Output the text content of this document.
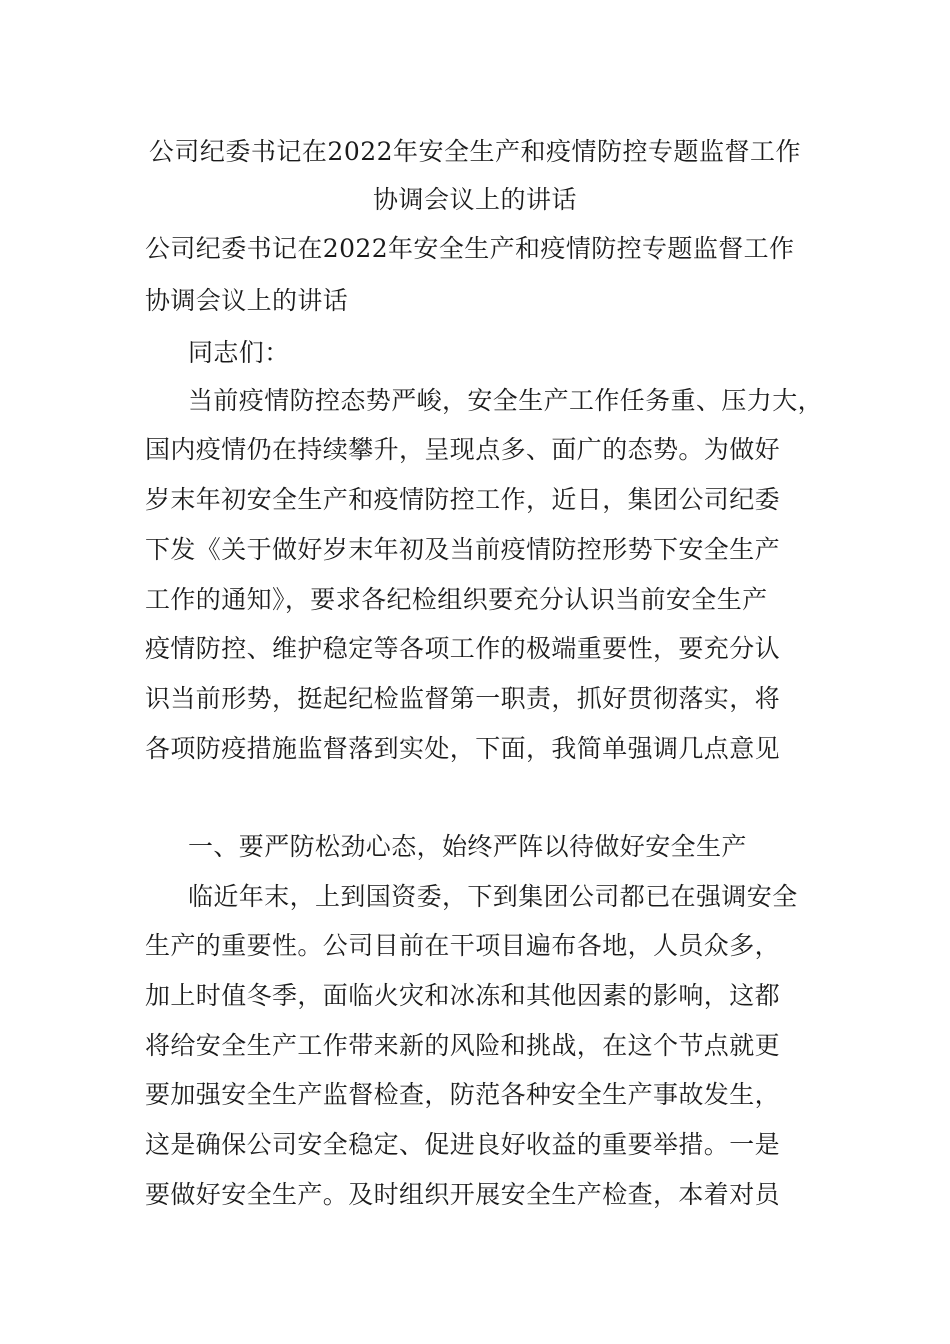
公司纪委书记在2022年安全生产和疫情防控专题监督工作
协调会议上的讲话
公司纪委书记在2022年安全生产和疫情防控专题监督工作
协调会议上的讲话
同志们：
当前疫情防控态势严峻，安全生产工作任务重、压力大，
国内疫情仍在持续攀升，呈现点多、面广的态势。为做好
岁末年初安全生产和疫情防控工作，近日，集团公司纪委
下发《关于做好岁末年初及当前疫情防控形势下安全生产
工作的通知》，要求各纪检组织要充分认识当前安全生产
疫情防控、维护稳定等各项工作的极端重要性，要充分认
识当前形势，挺起纪检监督第一职责，抓好贯彻落实，将
各项防疫措施监督落到实处，下面，我简单强调几点意见
一、要严防松劲心态，始终严阵以待做好安全生产
临近年末，上到国资委，下到集团公司都已在强调安全
生产的重要性。公司目前在干项目遍布各地，人员众多，
加上时值冬季，面临火灾和冰冻和其他因素的影响，这都
将给安全生产工作带来新的风险和挑战，在这个节点就更
要加强安全生产监督检查，防范各种安全生产事故发生，
这是确保公司安全稳定、促进良好收益的重要举措。一是
要做好安全生产。及时组织开展安全生产检查，本着对员
